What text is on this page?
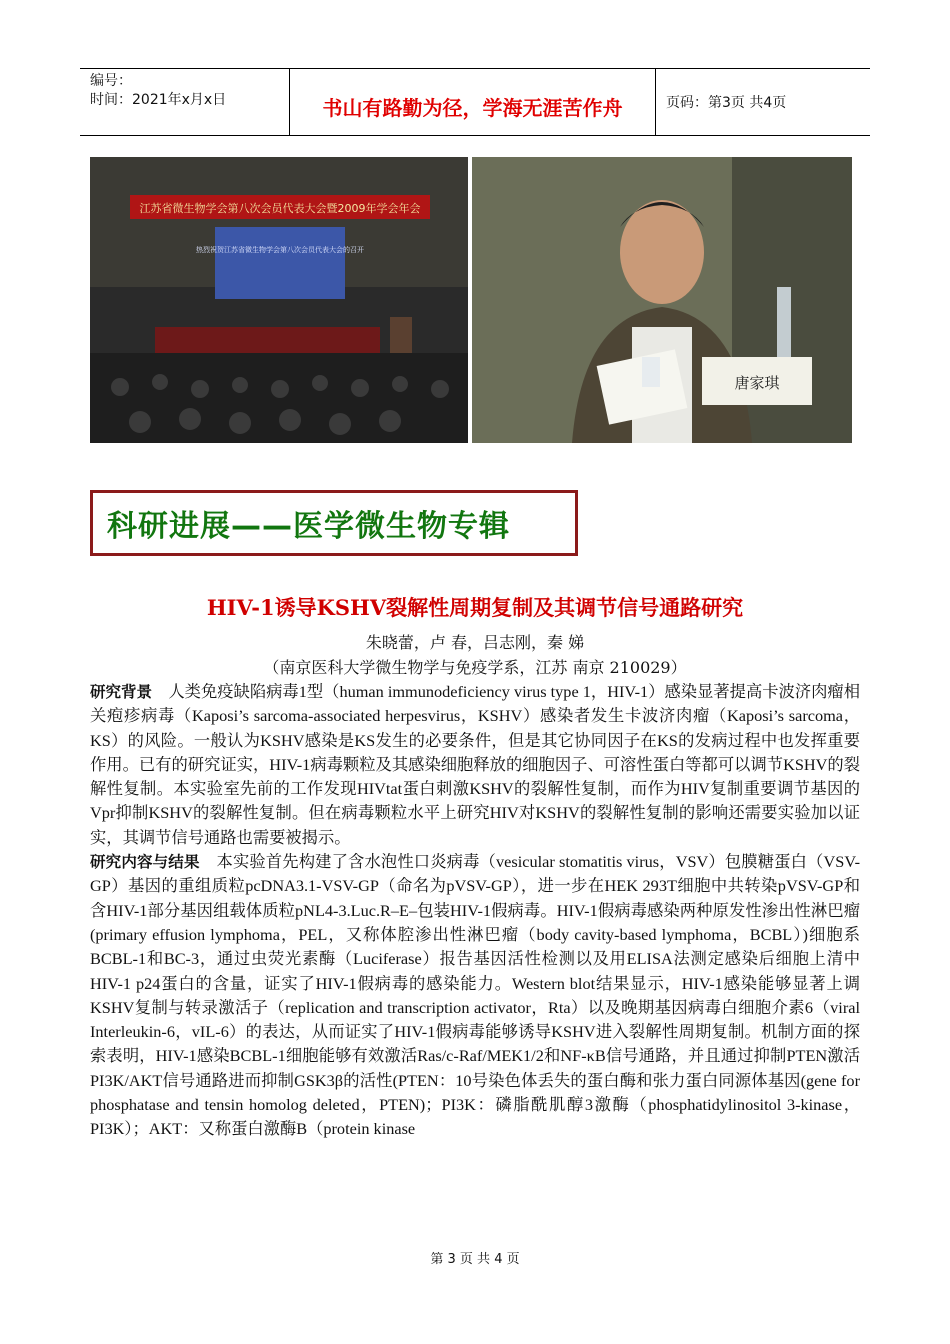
编号：
时间：2021年x月x日	书山有路勤为径，学海无涯苦作舟	页码：第3页 共4页
江苏省微生物学会第八次会员代表大会暨2009年学会年会
热烈祝贺江苏省微生物学会第八次会员代表大会的召开
唐家琪
科研进展——医学微生物专辑
HIV-1诱导KSHV裂解性周期复制及其调节信号通路研究
朱晓蕾，卢 春，吕志刚，秦 娣
（南京医科大学微生物学与免疫学系，江苏 南京 210029）

研究背景 人类免疫缺陷病毒1型（human immunodeficiency virus type 1，HIV-1）感染显著提高卡波济肉瘤相关疱疹病毒（Kaposi’s sarcoma-associated herpesvirus，KSHV）感染者发生卡波济肉瘤（Kaposi’s sarcoma，KS）的风险。一般认为KSHV感染是KS发生的必要条件，但是其它协同因子在KS的发病过程中也发挥重要作用。已有的研究证实，HIV-1病毒颗粒及其感染细胞释放的细胞因子、可溶性蛋白等都可以调节KSHV的裂解性复制。本实验室先前的工作发现HIVtat蛋白刺激KSHV的裂解性复制，而作为HIV复制重要调节基因的Vpr抑制KSHV的裂解性复制。但在病毒颗粒水平上研究HIV对KSHV的裂解性复制的影响还需要实验加以证实，其调节信号通路也需要被揭示。

研究内容与结果 本实验首先构建了含水泡性口炎病毒（vesicular stomatitis virus，VSV）包膜糖蛋白（VSV-GP）基因的重组质粒pcDNA3.1-VSV-GP（命名为pVSV-GP），进一步在HEK 293T细胞中共转染pVSV-GP和含HIV-1部分基因组载体质粒pNL4-3.Luc.R–E–包装HIV-1假病毒。HIV-1假病毒感染两种原发性渗出性淋巴瘤(primary effusion lymphoma，PEL，又称体腔渗出性淋巴瘤（body cavity-based lymphoma，BCBL）)细胞系BCBL-1和BC-3，通过虫荧光素酶（Luciferase）报告基因活性检测以及用ELISA法测定感染后细胞上清中HIV-1 p24蛋白的含量，证实了HIV-1假病毒的感染能力。Western blot结果显示，HIV-1感染能够显著上调KSHV复制与转录激活子（replication and transcription activator，Rta）以及晚期基因病毒白细胞介素6（viral Interleukin-6，vIL-6）的表达，从而证实了HIV-1假病毒能够诱导KSHV进入裂解性周期复制。机制方面的探索表明，HIV-1感染BCBL-1细胞能够有效激活Ras/c-Raf/MEK1/2和NF-κB信号通路，并且通过抑制PTEN激活PI3K/AKT信号通路进而抑制GSK3β的活性(PTEN：10号染色体丢失的蛋白酶和张力蛋白同源体基因(gene for phosphatase and tensin homolog deleted，PTEN)；PI3K：磷脂酰肌醇3激酶（phosphatidylinositol 3-kinase，PI3K）；AKT：又称蛋白激酶B（protein kinase

第 3 页 共 4 页
